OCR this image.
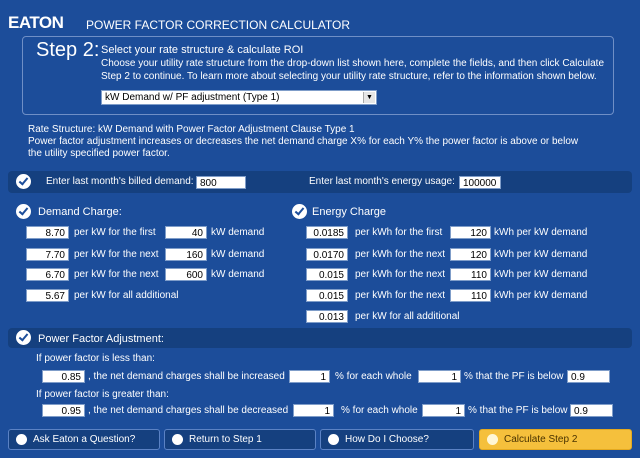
EATON POWER FACTOR CORRECTION CALCULATOR
Step 2: Select your rate structure & calculate ROI
Choose your utility rate structure from the drop-down list shown here, complete the fields, and then click Calculate
Step 2 to continue. To learn more about selecting your utility rate structure, refer to the information shown below.
kW Demand w/ PF adjustment (Type 1)	▼
Rate Structure: kW Demand with Power Factor Adjustment Clause Type 1
Power factor adjustment increases or decreases the net demand charge X% for each Y% the power factor is above or below
the utility specified power factor.
Enter last month's billed demand: 800	Enter last month's energy usage: 100000
Demand Charge:
8.70 per kW for the first	40 kW demand
7.70 per kW for the next	160 kW demand
6.70 per kW for the next	600 kW demand
5.67 per kW for all additional
Energy Charge
0.0185	per kWh for the first	120 kWh per kW demand
0.0170	per kWh for the next	120 kWh per kW demand
0.015	per kWh for the next	110 kWh per kW demand
0.015	per kWh for the next	110 kWh per kW demand
0.013	per kW for all additional
Power Factor Adjustment:
If power factor is less than:
0.85 , the net demand charges shall be increased	1 % for each whole	1 % that the PF is below 0.9
If power factor is greater than:
0.95 , the net demand charges shall be decreased	1	% for each whole	1 % that the PF is below 0.9
Ask Eaton a Question?	Return to Step 1	How Do I Choose?	Calculate Step 2
